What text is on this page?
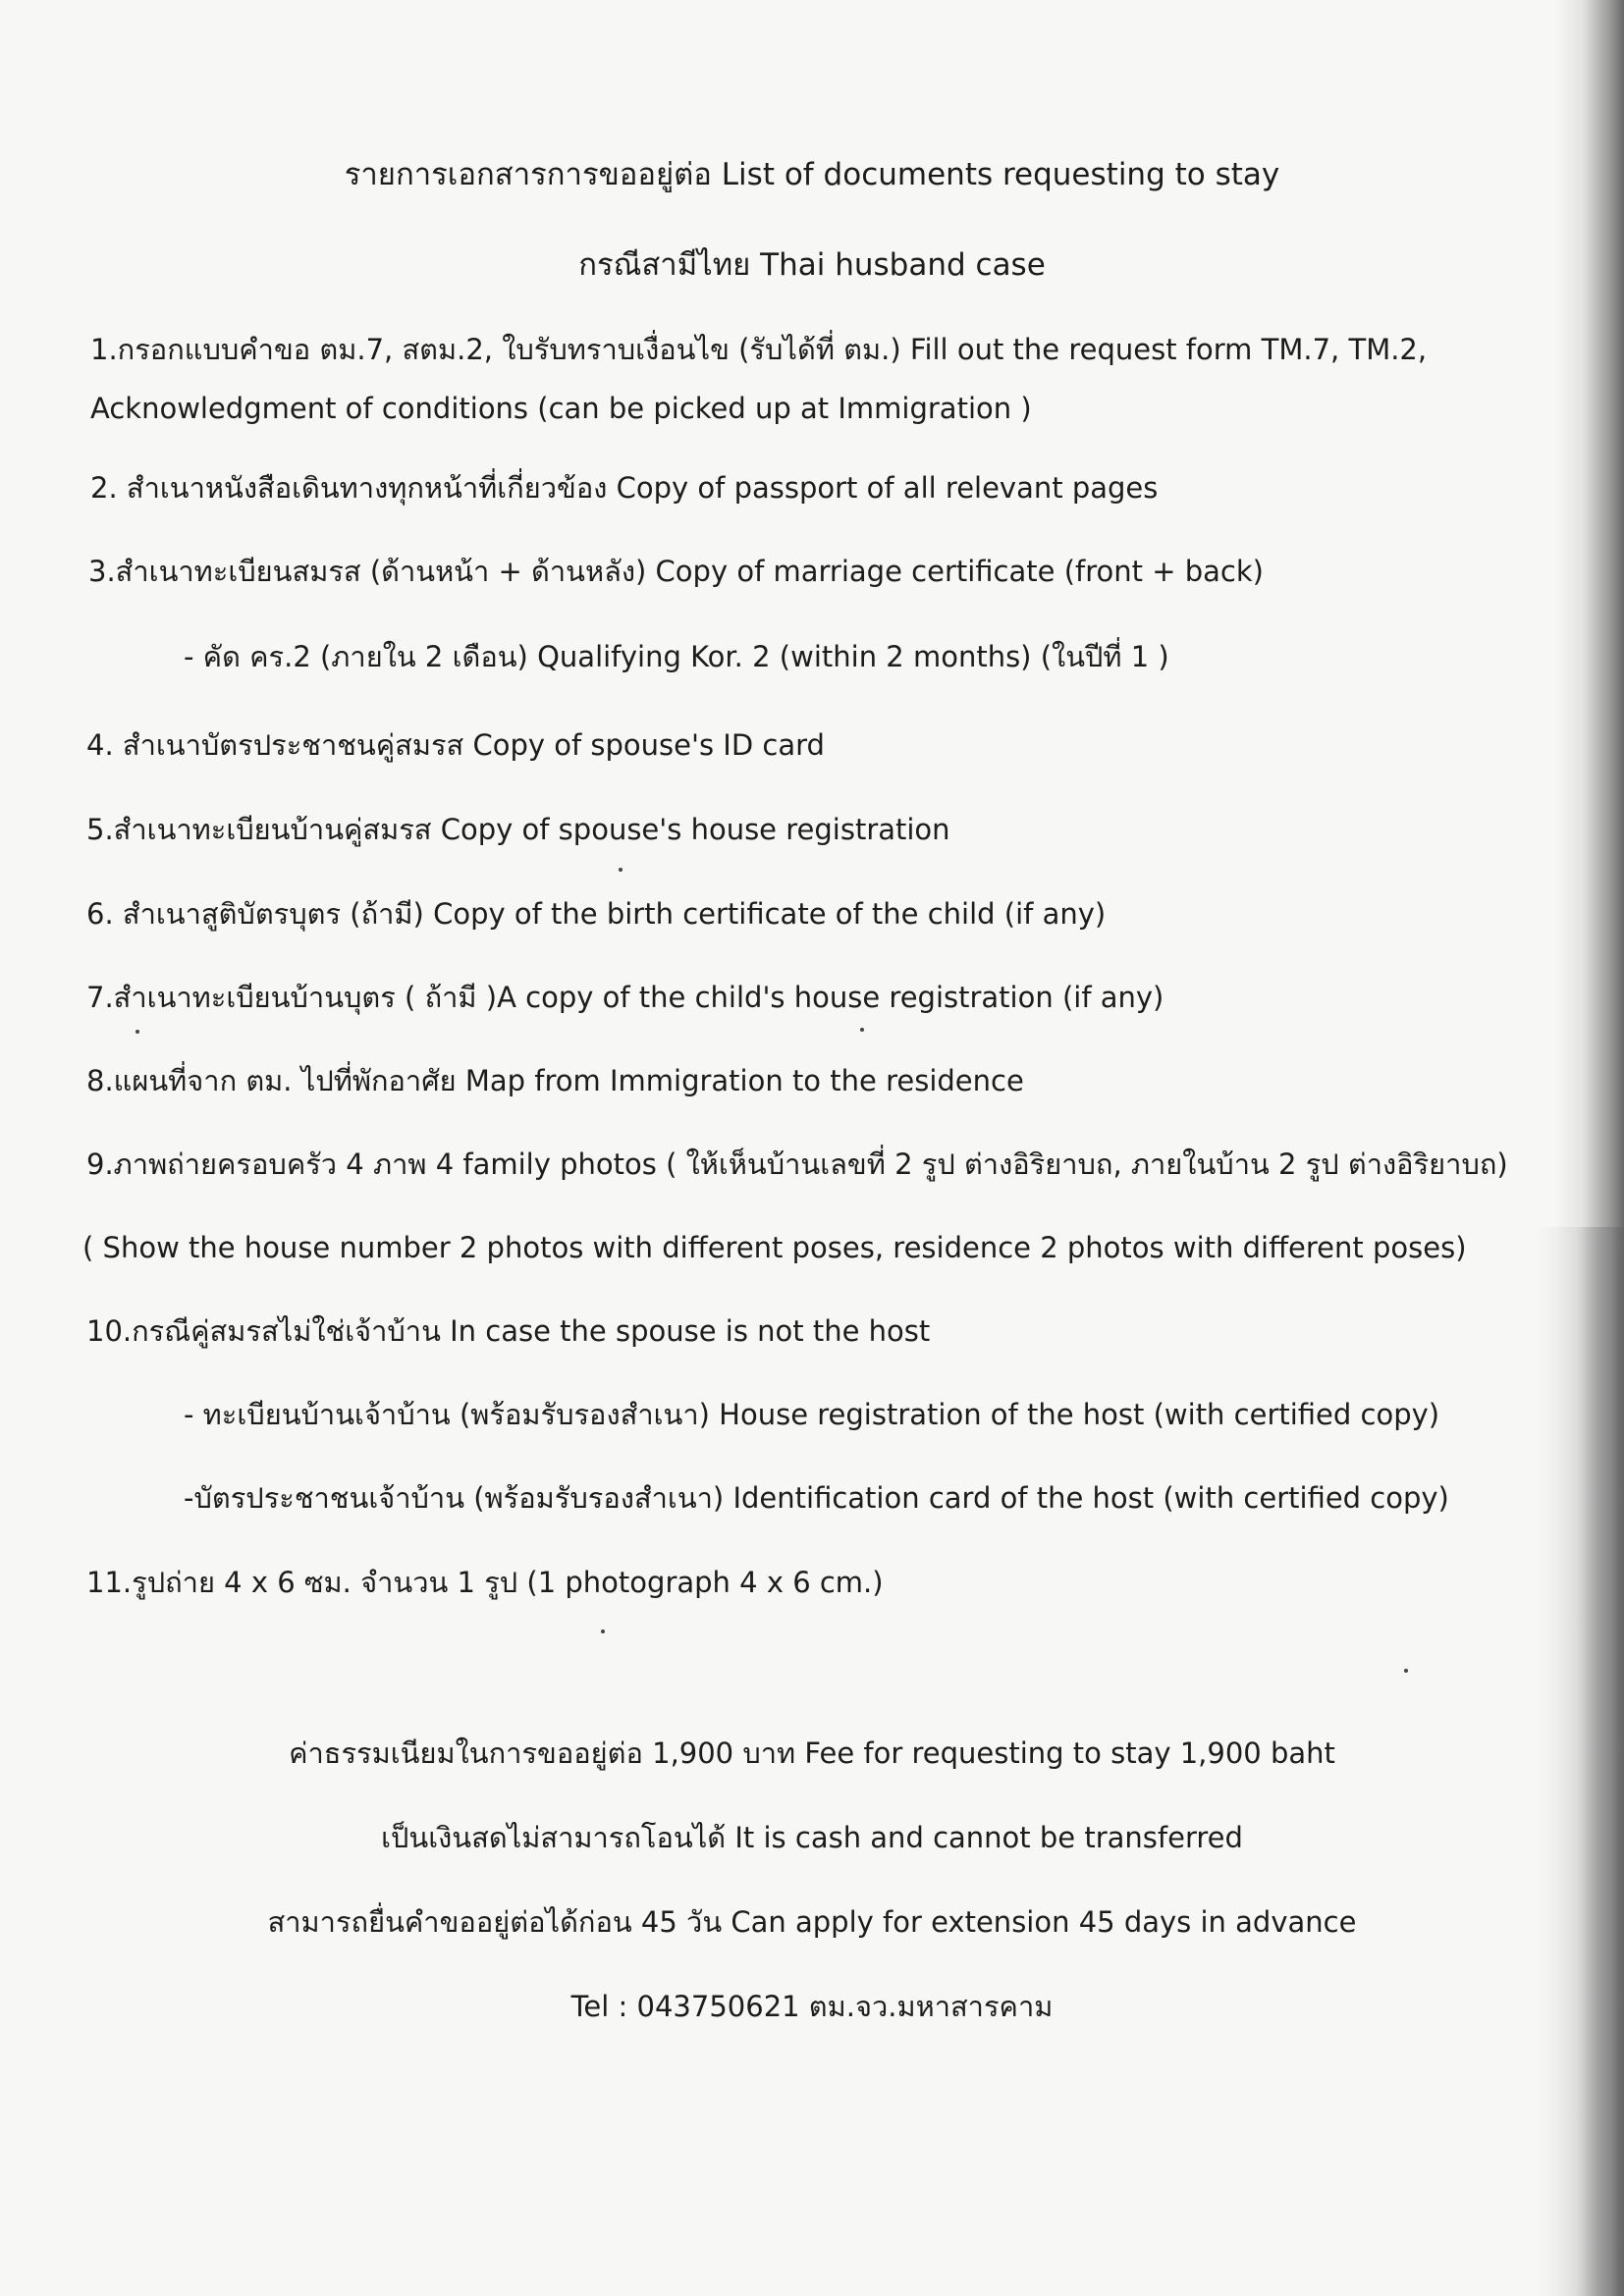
รายการเอกสารการขออยู่ต่อ List of documents requesting to stay
กรณีสามีไทย Thai husband case
1.กรอกแบบคำขอ ตม.7, สตม.2, ใบรับทราบเงื่อนไข (รับได้ที่ ตม.) Fill out the request form TM.7, TM.2,
Acknowledgment of conditions (can be picked up at Immigration )
2. สำเนาหนังสือเดินทางทุกหน้าที่เกี่ยวข้อง Copy of passport of all relevant pages
3.สำเนาทะเบียนสมรส (ด้านหน้า + ด้านหลัง) Copy of marriage certificate (front + back)
- คัด คร.2 (ภายใน 2 เดือน) Qualifying Kor. 2 (within 2 months) (ในปีที่ 1 )
4. สำเนาบัตรประชาชนคู่สมรส Copy of spouse's ID card
5.สำเนาทะเบียนบ้านคู่สมรส Copy of spouse's house registration
6. สำเนาสูติบัตรบุตร (ถ้ามี) Copy of the birth certificate of the child (if any)
7.สำเนาทะเบียนบ้านบุตร ( ถ้ามี )A copy of the child's house registration (if any)
8.แผนที่จาก ตม. ไปที่พักอาศัย Map from Immigration to the residence
9.ภาพถ่ายครอบครัว 4 ภาพ 4 family photos ( ให้เห็นบ้านเลขที่ 2 รูป ต่างอิริยาบถ, ภายในบ้าน 2 รูป ต่างอิริยาบถ)
( Show the house number 2 photos with different poses, residence 2 photos with different poses)
10.กรณีคู่สมรสไม่ใช่เจ้าบ้าน In case the spouse is not the host
- ทะเบียนบ้านเจ้าบ้าน (พร้อมรับรองสำเนา) House registration of the host (with certified copy)
-บัตรประชาชนเจ้าบ้าน (พร้อมรับรองสำเนา) Identification card of the host (with certified copy)
11.รูปถ่าย 4 x 6 ซม. จำนวน 1 รูป (1 photograph 4 x 6 cm.)
ค่าธรรมเนียมในการขออยู่ต่อ 1,900 บาท Fee for requesting to stay 1,900 baht
เป็นเงินสดไม่สามารถโอนได้ It is cash and cannot be transferred
สามารถยื่นคำขออยู่ต่อได้ก่อน 45 วัน Can apply for extension 45 days in advance
Tel : 043750621 ตม.จว.มหาสารคาม
